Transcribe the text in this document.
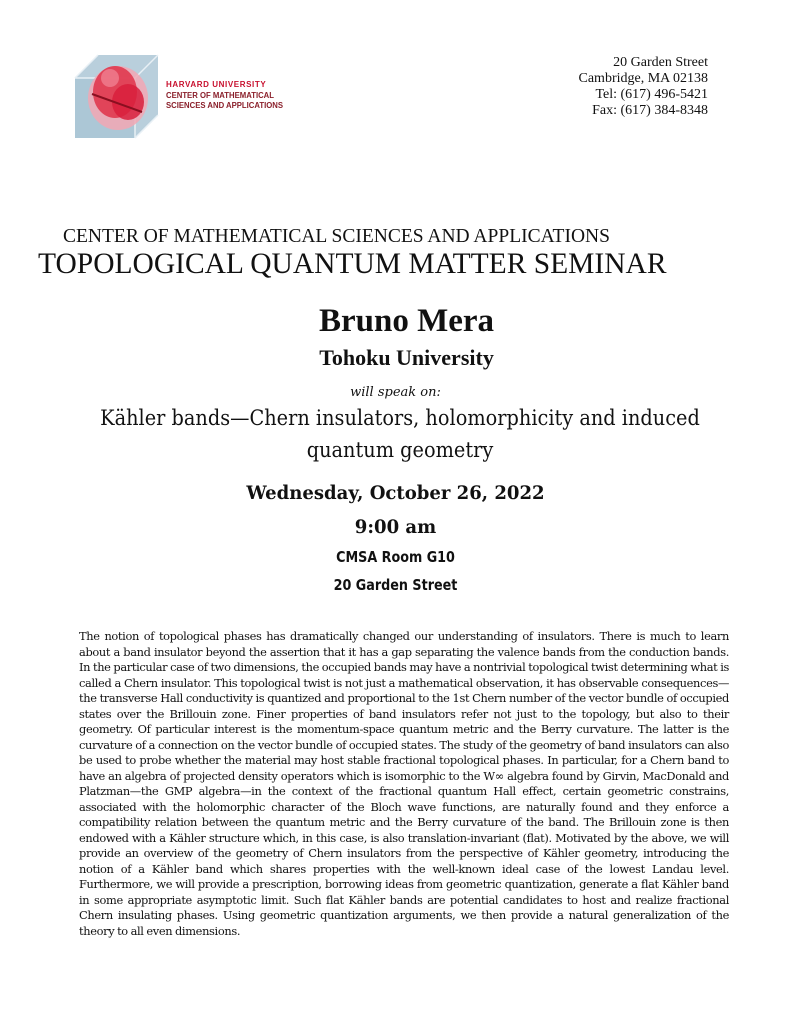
HARVARD UNIVERSITY
CENTER OF MATHEMATICAL
SCIENCES AND APPLICATIONS
20 Garden Street
Cambridge, MA 02138
Tel: (617) 496-5421
Fax: (617) 384-8348
CENTER OF MATHEMATICAL SCIENCES AND APPLICATIONS
TOPOLOGICAL QUANTUM MATTER SEMINAR
Bruno Mera
Tohoku University
will speak on:
Kähler bands—Chern insulators, holomorphicity and induced quantum geometry
Wednesday, October 26, 2022
9:00 am
CMSA Room G10
20 Garden Street
The notion of topological phases has dramatically changed our understanding of insulators. There is much to learn about a band insulator beyond the assertion that it has a gap separating the valence bands from the conduction bands. In the particular case of two dimensions, the occupied bands may have a nontrivial topological twist determining what is called a Chern insulator. This topological twist is not just a mathematical observation, it has observable consequences—the transverse Hall conductivity is quantized and proportional to the 1st Chern number of the vector bundle of occupied states over the Brillouin zone. Finer properties of band insulators refer not just to the topology, but also to their geometry. Of particular interest is the momentum-space quantum metric and the Berry curvature. The latter is the curvature of a connection on the vector bundle of occupied states. The study of the geometry of band insulators can also be used to probe whether the material may host stable fractional topological phases. In particular, for a Chern band to have an algebra of projected density operators which is isomorphic to the W∞ algebra found by Girvin, MacDonald and Platzman—the GMP algebra—in the context of the fractional quantum Hall effect, certain geometric constrains, associated with the holomorphic character of the Bloch wave functions, are naturally found and they enforce a compatibility relation between the quantum metric and the Berry curvature of the band. The Brillouin zone is then endowed with a Kähler structure which, in this case, is also translation-invariant (flat). Motivated by the above, we will provide an overview of the geometry of Chern insulators from the perspective of Kähler geometry, introducing the notion of a Kähler band which shares properties with the well-known ideal case of the lowest Landau level. Furthermore, we will provide a prescription, borrowing ideas from geometric quantization, generate a flat Kähler band in some appropriate asymptotic limit. Such flat Kähler bands are potential candidates to host and realize fractional Chern insulating phases. Using geometric quantization arguments, we then provide a natural generalization of the theory to all even dimensions.
